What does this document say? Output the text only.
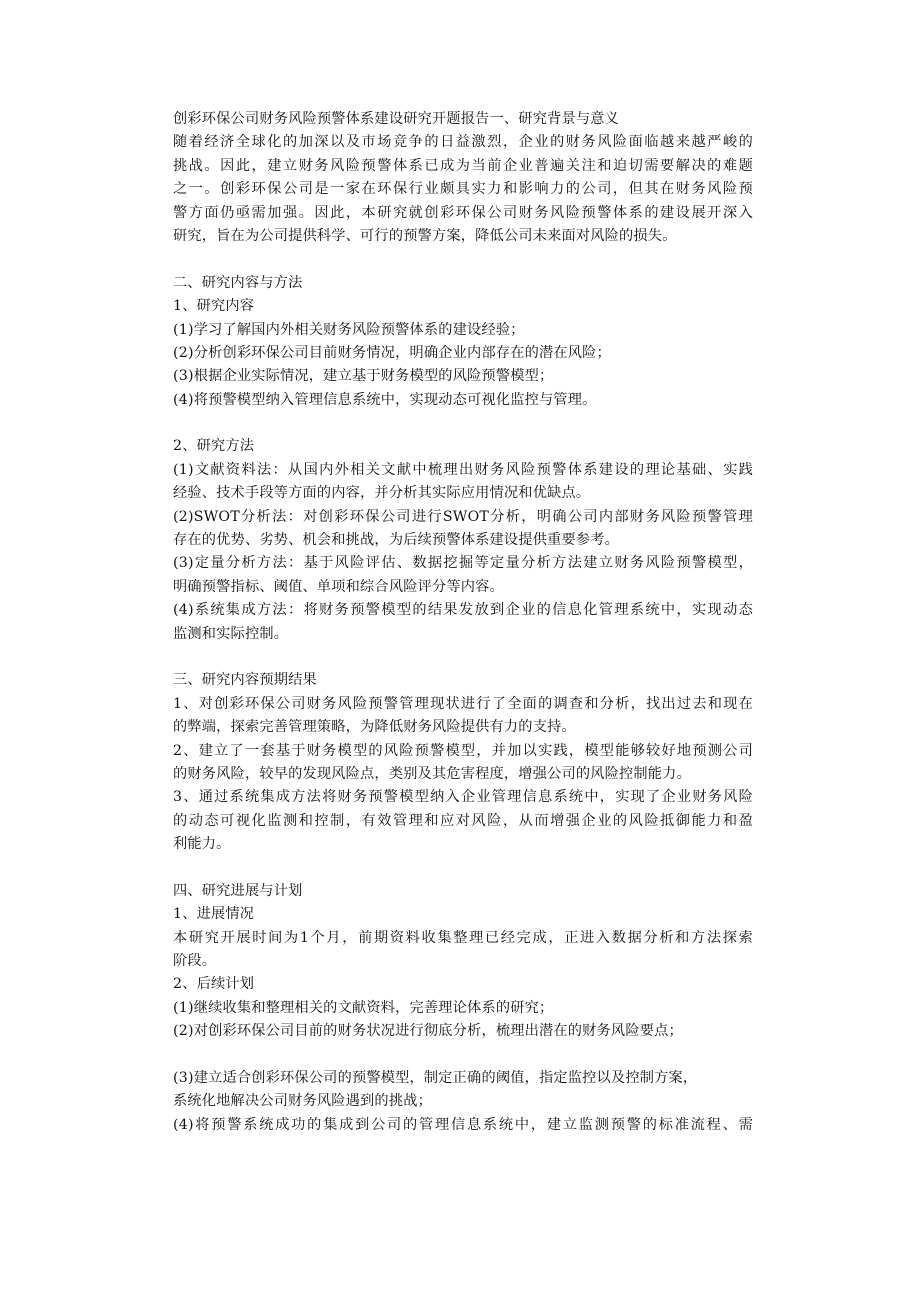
创彩环保公司财务风险预警体系建设研究开题报告一、研究背景与意义
随着经济全球化的加深以及市场竞争的日益激烈，企业的财务风险面临越来越严峻的
挑战。因此，建立财务风险预警体系已成为当前企业普遍关注和迫切需要解决的难题
之一。创彩环保公司是一家在环保行业颇具实力和影响力的公司，但其在财务风险预
警方面仍亟需加强。因此，本研究就创彩环保公司财务风险预警体系的建设展开深入
研究，旨在为公司提供科学、可行的预警方案，降低公司未来面对风险的损失。
二、研究内容与方法
1、研究内容
(1)学习了解国内外相关财务风险预警体系的建设经验；
(2)分析创彩环保公司目前财务情况，明确企业内部存在的潜在风险；
(3)根据企业实际情况，建立基于财务模型的风险预警模型；
(4)将预警模型纳入管理信息系统中，实现动态可视化监控与管理。
2、研究方法
(1)文献资料法：从国内外相关文献中梳理出财务风险预警体系建设的理论基础、实践
经验、技术手段等方面的内容，并分析其实际应用情况和优缺点。
(2)SWOT分析法：对创彩环保公司进行SWOT分析，明确公司内部财务风险预警管理
存在的优势、劣势、机会和挑战，为后续预警体系建设提供重要参考。
(3)定量分析方法：基于风险评估、数据挖掘等定量分析方法建立财务风险预警模型，
明确预警指标、阈值、单项和综合风险评分等内容。
(4)系统集成方法：将财务预警模型的结果发放到企业的信息化管理系统中，实现动态
监测和实际控制。
三、研究内容预期结果
1、对创彩环保公司财务风险预警管理现状进行了全面的调查和分析，找出过去和现在
的弊端，探索完善管理策略，为降低财务风险提供有力的支持。
2、建立了一套基于财务模型的风险预警模型，并加以实践，模型能够较好地预测公司
的财务风险，较早的发现风险点，类别及其危害程度，增强公司的风险控制能力。
3、通过系统集成方法将财务预警模型纳入企业管理信息系统中，实现了企业财务风险
的动态可视化监测和控制，有效管理和应对风险，从而增强企业的风险抵御能力和盈
利能力。
四、研究进展与计划
1、进展情况
本研究开展时间为1个月，前期资料收集整理已经完成，正进入数据分析和方法探索
阶段。
2、后续计划
(1)继续收集和整理相关的文献资料，完善理论体系的研究；
(2)对创彩环保公司目前的财务状况进行彻底分析，梳理出潜在的财务风险要点；
(3)建立适合创彩环保公司的预警模型，制定正确的阈值，指定监控以及控制方案，
系统化地解决公司财务风险遇到的挑战；
(4)将预警系统成功的集成到公司的管理信息系统中，建立监测预警的标准流程、需
